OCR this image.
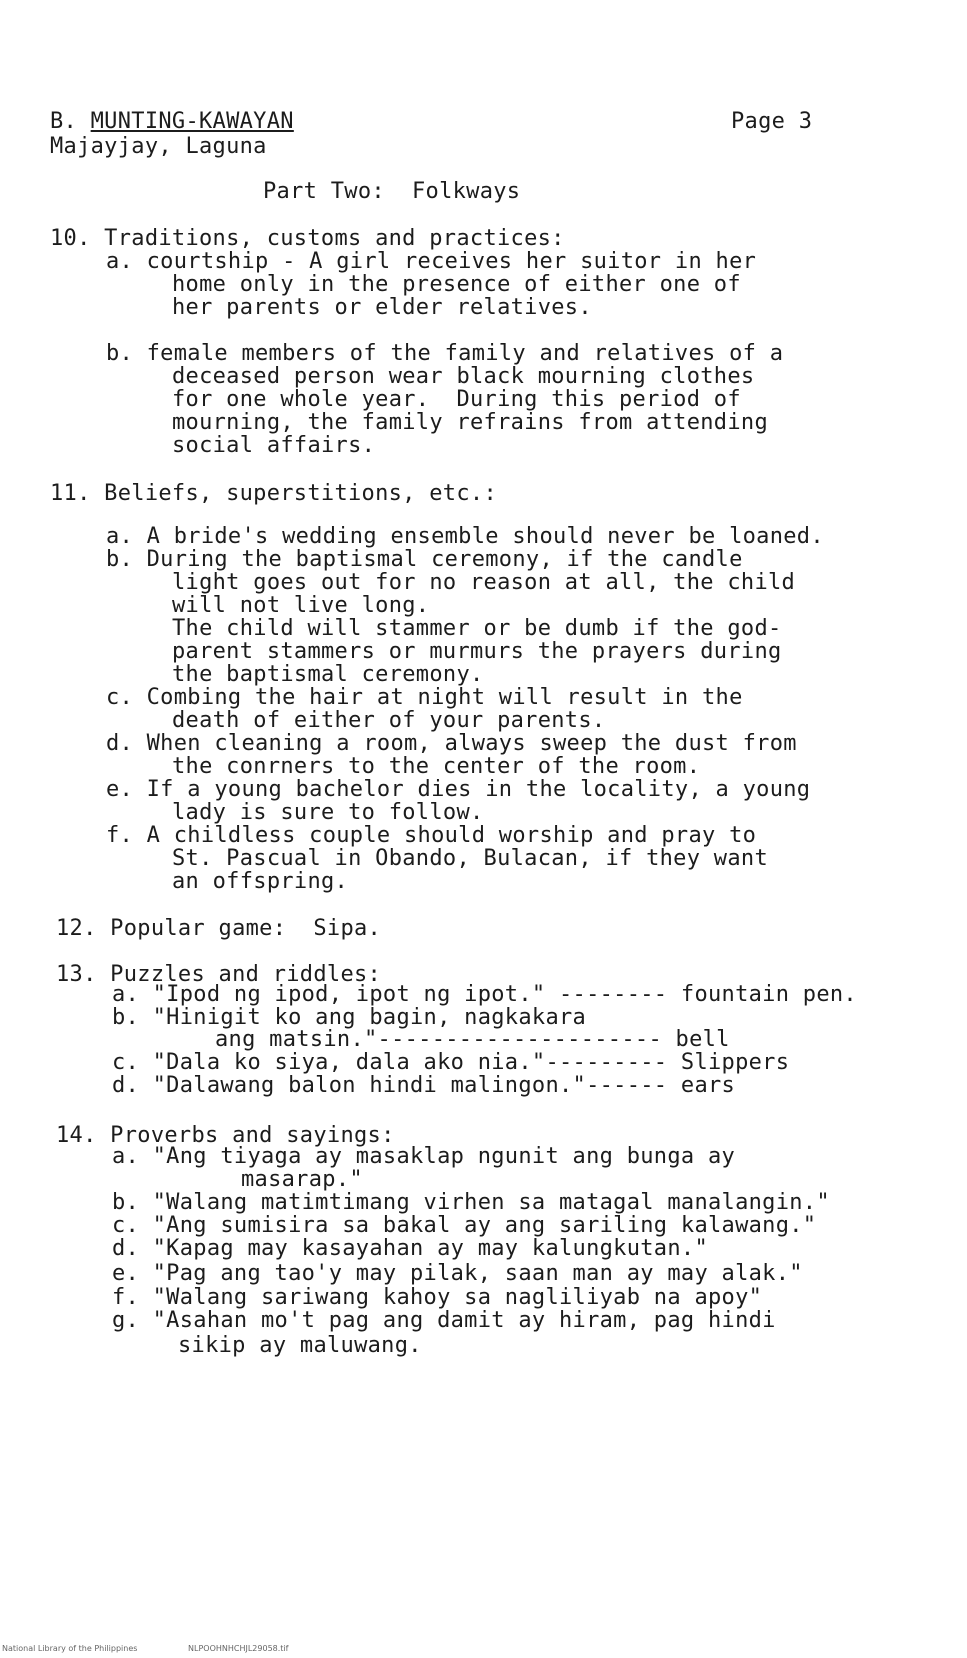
B. MUNTING-KAWAYAN	Page 3
Majayjay, Laguna
Part Two:  Folkways
10. Traditions, customs and practices:
a. courtship - A girl receives her suitor in her
home only in the presence of either one of
her parents or elder relatives.
b. female members of the family and relatives of a
deceased person wear black mourning clothes
for one whole year.  During this period of
mourning, the family refrains from attending
social affairs.
11. Beliefs, superstitions, etc.:
a. A bride's wedding ensemble should never be loaned.
b. During the baptismal ceremony, if the candle
light goes out for no reason at all, the child
will not live long.
The child will stammer or be dumb if the god-
parent stammers or murmurs the prayers during
the baptismal ceremony.
c. Combing the hair at night will result in the
death of either of your parents.
d. When cleaning a room, always sweep the dust from
the conrners to the center of the room.
e. If a young bachelor dies in the locality, a young
lady is sure to follow.
f. A childless couple should worship and pray to
St. Pascual in Obando, Bulacan, if they want
an offspring.
12. Popular game:  Sipa.
13. Puzzles and riddles:
a. "Ipod ng ipod, ipot ng ipot." -------- fountain pen.
b. "Hinigit ko ang bagin, nagkakara
ang matsin."--------------------- bell
c. "Dala ko siya, dala ako nia."--------- Slippers
d. "Dalawang balon hindi malingon."------ ears
14. Proverbs and sayings:
a. "Ang tiyaga ay masaklap ngunit ang bunga ay
masarap."
b. "Walang matimtimang virhen sa matagal manalangin."
c. "Ang sumisira sa bakal ay ang sariling kalawang."
d. "Kapag may kasayahan ay may kalungkutan."
e. "Pag ang tao'y may pilak, saan man ay may alak."
f. "Walang sariwang kahoy sa nagliliyab na apoy"
g. "Asahan mo't pag ang damit ay hiram, pag hindi
sikip ay maluwang.
National Library of the Philippines	NLPOOHNHCHJL29058.tif
